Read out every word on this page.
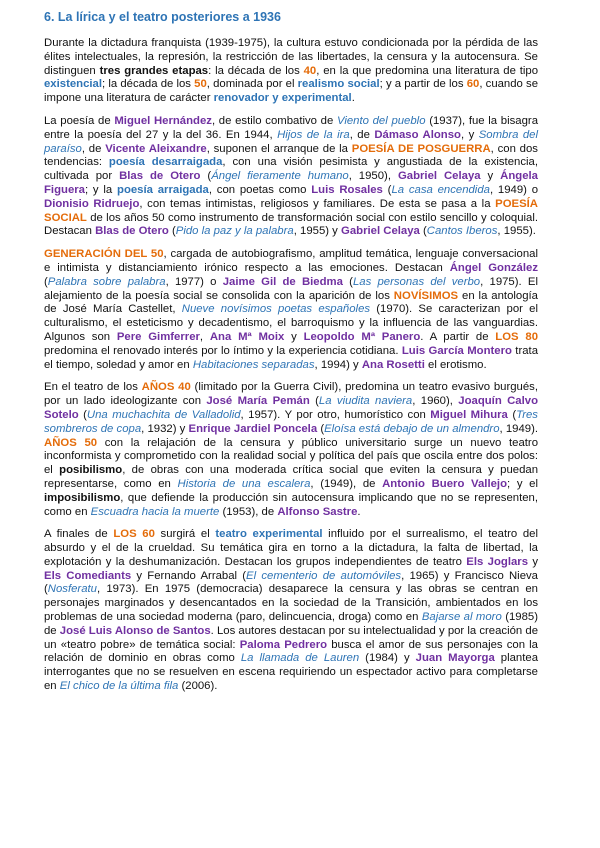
6. La lírica y el teatro posteriores a 1936

Durante la dictadura franquista (1939-1975), la cultura estuvo condicionada por la pérdida de las élites intelectuales, la represión, la restricción de las libertades, la censura y la autocensura. Se distinguen tres grandes etapas: la década de los 40, en la que predomina una literatura de tipo existencial; la década de los 50, dominada por el realismo social; y a partir de los 60, cuando se impone una literatura de carácter renovador y experimental.

La poesía de Miguel Hernández, de estilo combativo de Viento del pueblo (1937), fue la bisagra entre la poesía del 27 y la del 36. En 1944, Hijos de la ira, de Dámaso Alonso, y Sombra del paraíso, de Vicente Aleixandre, suponen el arranque de la POESÍA DE POSGUERRA, con dos tendencias: poesía desarraigada, con una visión pesimista y angustiada de la existencia, cultivada por Blas de Otero (Ángel fieramente humano, 1950), Gabriel Celaya y Ángela Figuera; y la poesía arraigada, con poetas como Luis Rosales (La casa encendida, 1949) o Dionisio Ridruejo, con temas intimistas, religiosos y familiares. De esta se pasa a la POESÍA SOCIAL de los años 50 como instrumento de transformación social con estilo sencillo y coloquial. Destacan Blas de Otero (Pido la paz y la palabra, 1955) y Gabriel Celaya (Cantos Iberos, 1955).

GENERACIÓN DEL 50, cargada de autobiografismo, amplitud temática, lenguaje conversacional e intimista y distanciamiento irónico respecto a las emociones. Destacan Ángel González (Palabra sobre palabra, 1977) o Jaime Gil de Biedma (Las personas del verbo, 1975). El alejamiento de la poesía social se consolida con la aparición de los NOVÍSIMOS en la antología de José María Castellet, Nueve novísimos poetas españoles (1970). Se caracterizan por el culturalismo, el esteticismo y decadentismo, el barroquismo y la influencia de las vanguardias. Algunos son Pere Gimferrer, Ana Mª Moix y Leopoldo Mª Panero. A partir de LOS 80 predomina el renovado interés por lo íntimo y la experiencia cotidiana. Luis García Montero trata el tiempo, soledad y amor en Habitaciones separadas, 1994) y Ana Rosetti el erotismo.

En el teatro de los AÑOS 40 (limitado por la Guerra Civil), predomina un teatro evasivo burgués, por un lado ideologizante con José María Pemán (La viudita naviera, 1960), Joaquín Calvo Sotelo (Una muchachita de Valladolid, 1957). Y por otro, humorístico con Miguel Mihura (Tres sombreros de copa, 1932) y Enrique Jardiel Poncela (Eloísa está debajo de un almendro, 1949). AÑOS 50 con la relajación de la censura y público universitario surge un nuevo teatro inconformista y comprometido con la realidad social y política del país que oscila entre dos polos: el posibilismo, de obras con una moderada crítica social que eviten la censura y puedan representarse, como en Historia de una escalera, (1949), de Antonio Buero Vallejo; y el imposibilismo, que defiende la producción sin autocensura implicando que no se representen, como en Escuadra hacia la muerte (1953), de Alfonso Sastre.

A finales de LOS 60 surgirá el teatro experimental influido por el surrealismo, el teatro del absurdo y el de la crueldad. Su temática gira en torno a la dictadura, la falta de libertad, la explotación y la deshumanización. Destacan los grupos independientes de teatro Els Joglars y Els Comediants y Fernando Arrabal (El cementerio de automóviles, 1965) y Francisco Nieva (Nosferatu, 1973). En 1975 (democracia) desaparece la censura y las obras se centran en personajes marginados y desencantados en la sociedad de la Transición, ambientados en los problemas de una sociedad moderna (paro, delincuencia, droga) como en Bajarse al moro (1985) de José Luis Alonso de Santos. Los autores destacan por su intelectualidad y por la creación de un «teatro pobre» de temática social: Paloma Pedrero busca el amor de sus personajes con la relación de dominio en obras como La llamada de Lauren (1984) y Juan Mayorga plantea interrogantes que no se resuelven en escena requiriendo un espectador activo para completarse en El chico de la última fila (2006).
